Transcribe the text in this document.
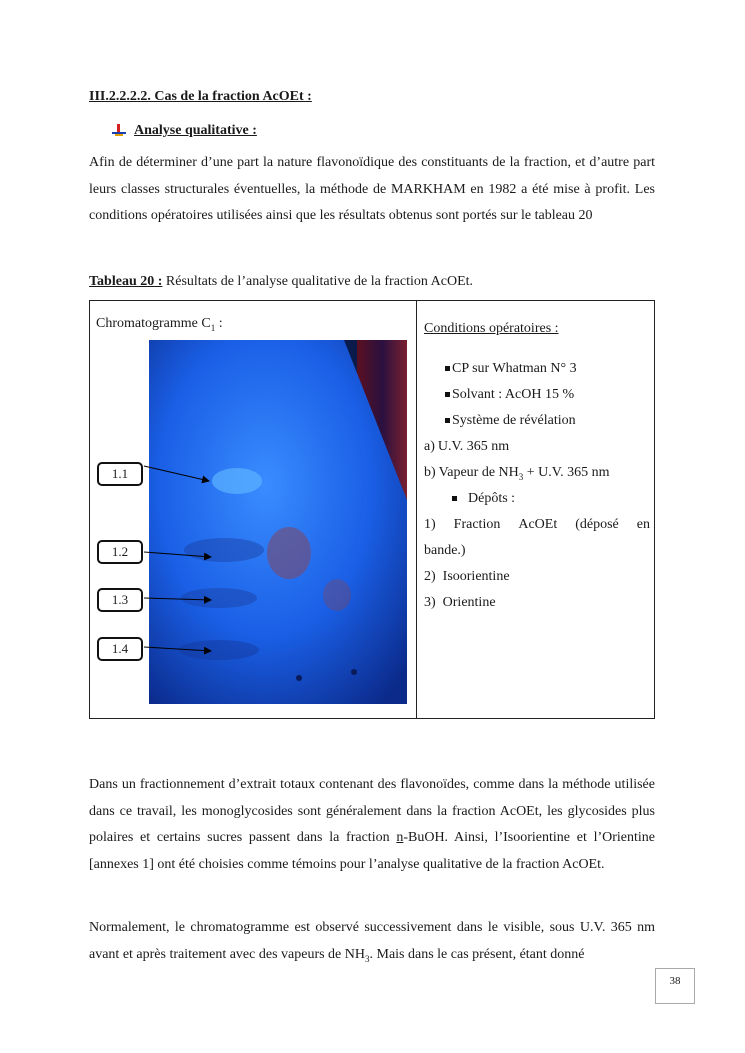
III.2.2.2.2. Cas de la fraction AcOEt :
Analyse qualitative :
Afin de déterminer d’une part la nature flavonoïdique des constituants de la fraction, et d’autre part leurs classes structurales éventuelles, la méthode de MARKHAM en 1982 a été mise à profit. Les conditions opératoires utilisées ainsi que les résultats obtenus sont portés sur le tableau 20
Tableau 20 : Résultats de l’analyse qualitative de la fraction AcOEt.
Chromatogramme $C_1$ :
1.1
1.2
1.3
1.4
Conditions opératoires :
CP sur Whatman N° 3
Solvant : AcOH 15 %
Système de révélation
a) U.V. 365 nm
b) Vapeur de $NH_3 + U.V$. 365 nm
Dépôts :
1) Fraction AcOEt (déposé en
bande.)
2)  Isoorientine
3)  Orientine
Dans un fractionnement d’extrait totaux contenant des flavonoïdes, comme dans la méthode utilisée dans ce travail, les monoglycosides sont généralement dans la fraction AcOEt, les glycosides plus polaires et certains sucres passent dans la fraction n-BuOH. Ainsi, l’Isoorientine et l’Orientine [annexes 1] ont été choisies comme témoins pour l’analyse qualitative de la fraction AcOEt.
Normalement, le chromatogramme est observé successivement dans le visible, sous U.V. 365 nm avant et après traitement avec des vapeurs de $NH_3$. Mais dans le cas présent, étant donné
38
